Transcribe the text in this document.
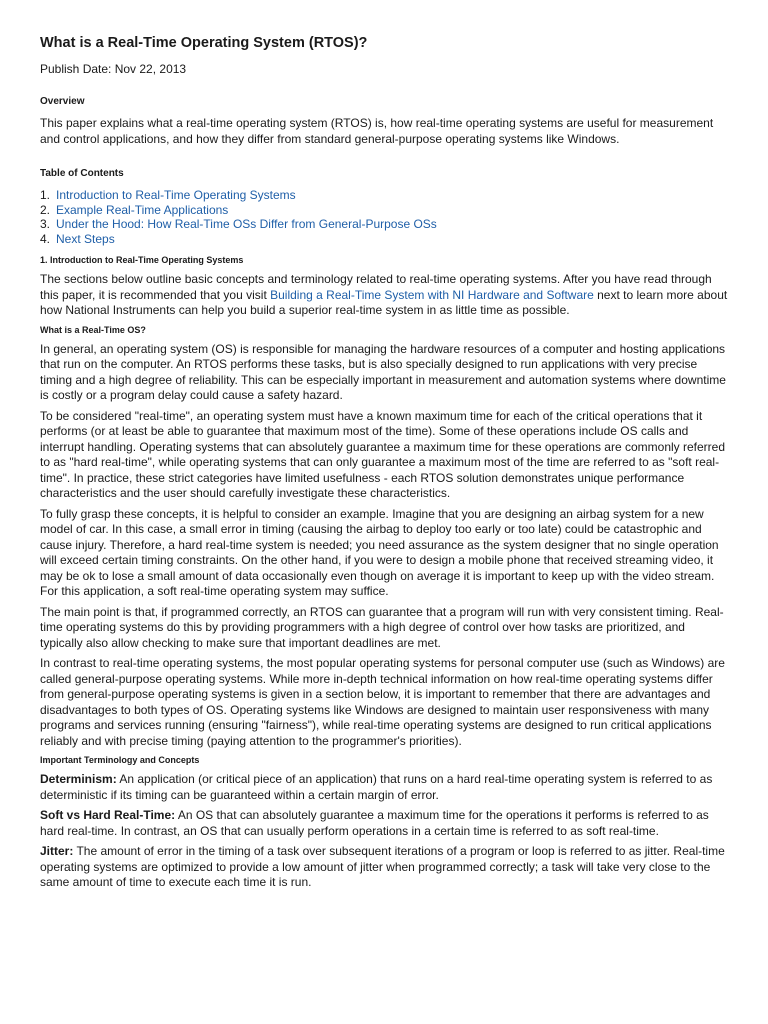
What is a Real-Time Operating System (RTOS)?
Publish Date: Nov 22, 2013
Overview

This paper explains what a real-time operating system (RTOS) is, how real-time operating systems are useful for measurement and control applications, and how they differ from standard general-purpose operating systems like Windows.

Table of Contents
1. Introduction to Real-Time Operating Systems
2. Example Real-Time Applications
3. Under the Hood: How Real-Time OSs Differ from General-Purpose OSs
4. Next Steps
1. Introduction to Real-Time Operating Systems

The sections below outline basic concepts and terminology related to real-time operating systems. After you have read through this paper, it is recommended that you visit Building a Real-Time System with NI Hardware and Software next to learn more about how National Instruments can help you build a superior real-time system in as little time as possible.

What is a Real-Time OS?

In general, an operating system (OS) is responsible for managing the hardware resources of a computer and hosting applications that run on the computer. An RTOS performs these tasks, but is also specially designed to run applications with very precise timing and a high degree of reliability. This can be especially important in measurement and automation systems where downtime is costly or a program delay could cause a safety hazard.

To be considered "real-time", an operating system must have a known maximum time for each of the critical operations that it performs (or at least be able to guarantee that maximum most of the time). Some of these operations include OS calls and interrupt handling. Operating systems that can absolutely guarantee a maximum time for these operations are commonly referred to as "hard real-time", while operating systems that can only guarantee a maximum most of the time are referred to as "soft real-time". In practice, these strict categories have limited usefulness - each RTOS solution demonstrates unique performance characteristics and the user should carefully investigate these characteristics.

To fully grasp these concepts, it is helpful to consider an example. Imagine that you are designing an airbag system for a new model of car. In this case, a small error in timing (causing the airbag to deploy too early or too late) could be catastrophic and cause injury. Therefore, a hard real-time system is needed; you need assurance as the system designer that no single operation will exceed certain timing constraints. On the other hand, if you were to design a mobile phone that received streaming video, it may be ok to lose a small amount of data occasionally even though on average it is important to keep up with the video stream. For this application, a soft real-time operating system may suffice.

The main point is that, if programmed correctly, an RTOS can guarantee that a program will run with very consistent timing. Real-time operating systems do this by providing programmers with a high degree of control over how tasks are prioritized, and typically also allow checking to make sure that important deadlines are met.

In contrast to real-time operating systems, the most popular operating systems for personal computer use (such as Windows) are called general-purpose operating systems. While more in-depth technical information on how real-time operating systems differ from general-purpose operating systems is given in a section below, it is important to remember that there are advantages and disadvantages to both types of OS. Operating systems like Windows are designed to maintain user responsiveness with many programs and services running (ensuring "fairness"), while real-time operating systems are designed to run critical applications reliably and with precise timing (paying attention to the programmer's priorities).

Important Terminology and Concepts

Determinism: An application (or critical piece of an application) that runs on a hard real-time operating system is referred to as deterministic if its timing can be guaranteed within a certain margin of error.

Soft vs Hard Real-Time: An OS that can absolutely guarantee a maximum time for the operations it performs is referred to as hard real-time. In contrast, an OS that can usually perform operations in a certain time is referred to as soft real-time.

Jitter: The amount of error in the timing of a task over subsequent iterations of a program or loop is referred to as jitter. Real-time operating systems are optimized to provide a low amount of jitter when programmed correctly; a task will take very close to the same amount of time to execute each time it is run.
